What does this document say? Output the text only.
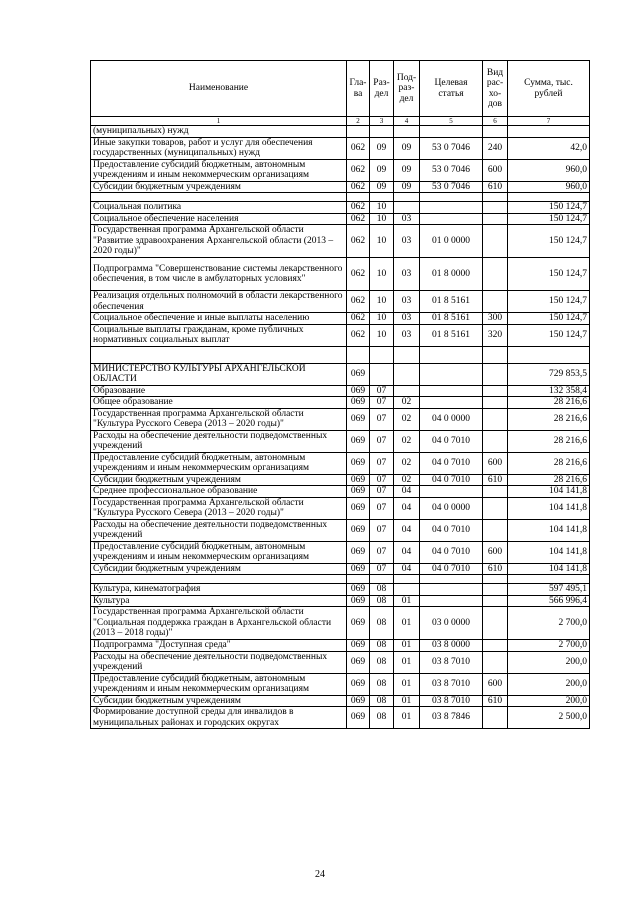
Наименование	Гла-ва	Раз-дел	Под-раз-дел	Целевая статья	Вид рас-хо-дов	Сумма, тыс. рублей
1	2	3	4	5	6	7
(муниципальных) нужд						
Иные закупки товаров, работ и услуг для обеспечения государственных (муниципальных) нужд	062	09	09	53 0 7046	240	42,0
Предоставление субсидий бюджетным, автономным учреждениям и иным некоммерческим организациям	062	09	09	53 0 7046	600	960,0
Субсидии бюджетным учреждениям	062	09	09	53 0 7046	610	960,0

Социальная политика	062	10				150 124,7
Социальное обеспечение населения	062	10	03			150 124,7
Государственная программа Архангельской области "Развитие здравоохранения Архангельской области (2013 – 2020 годы)"	062	10	03	01 0 0000		150 124,7
Подпрограмма "Совершенствование системы лекарственного обеспечения, в том числе в амбулаторных условиях"	062	10	03	01 8 0000		150 124,7
Реализация отдельных полномочий в области лекарственного обеспечения	062	10	03	01 8 5161		150 124,7
Социальное обеспечение и иные выплаты населению	062	10	03	01 8 5161	300	150 124,7
Социальные выплаты гражданам, кроме публичных нормативных социальных выплат	062	10	03	01 8 5161	320	150 124,7

МИНИСТЕРСТВО КУЛЬТУРЫ АРХАНГЕЛЬСКОЙ ОБЛАСТИ	069					729 853,5
Образование	069	07				132 358,4
Общее образование	069	07	02			28 216,6
Государственная программа Архангельской области "Культура Русского Севера (2013 – 2020 годы)"	069	07	02	04 0 0000		28 216,6
Расходы на обеспечение деятельности подведомственных учреждений	069	07	02	04 0 7010		28 216,6
Предоставление субсидий бюджетным, автономным учреждениям и иным некоммерческим организациям	069	07	02	04 0 7010	600	28 216,6
Субсидии бюджетным учреждениям	069	07	02	04 0 7010	610	28 216,6
Среднее профессиональное образование	069	07	04			104 141,8
Государственная программа Архангельской области "Культура Русского Севера (2013 – 2020 годы)"	069	07	04	04 0 0000		104 141,8
Расходы на обеспечение деятельности подведомственных учреждений	069	07	04	04 0 7010		104 141,8
Предоставление субсидий бюджетным, автономным учреждениям и иным некоммерческим организациям	069	07	04	04 0 7010	600	104 141,8
Субсидии бюджетным учреждениям	069	07	04	04 0 7010	610	104 141,8

Культура, кинематография	069	08				597 495,1
Культура	069	08	01			566 996,4
Государственная программа Архангельской области "Социальная поддержка граждан в Архангельской области (2013 – 2018 годы)"	069	08	01	03 0 0000		2 700,0
Подпрограмма "Доступная среда"	069	08	01	03 8 0000		2 700,0
Расходы на обеспечение деятельности подведомственных учреждений	069	08	01	03 8 7010		200,0
Предоставление субсидий бюджетным, автономным учреждениям и иным некоммерческим организациям	069	08	01	03 8 7010	600	200,0
Субсидии бюджетным учреждениям	069	08	01	03 8 7010	610	200,0
Формирование доступной среды для инвалидов в муниципальных районах и городских округах	069	08	01	03 8 7846		2 500,0
24
